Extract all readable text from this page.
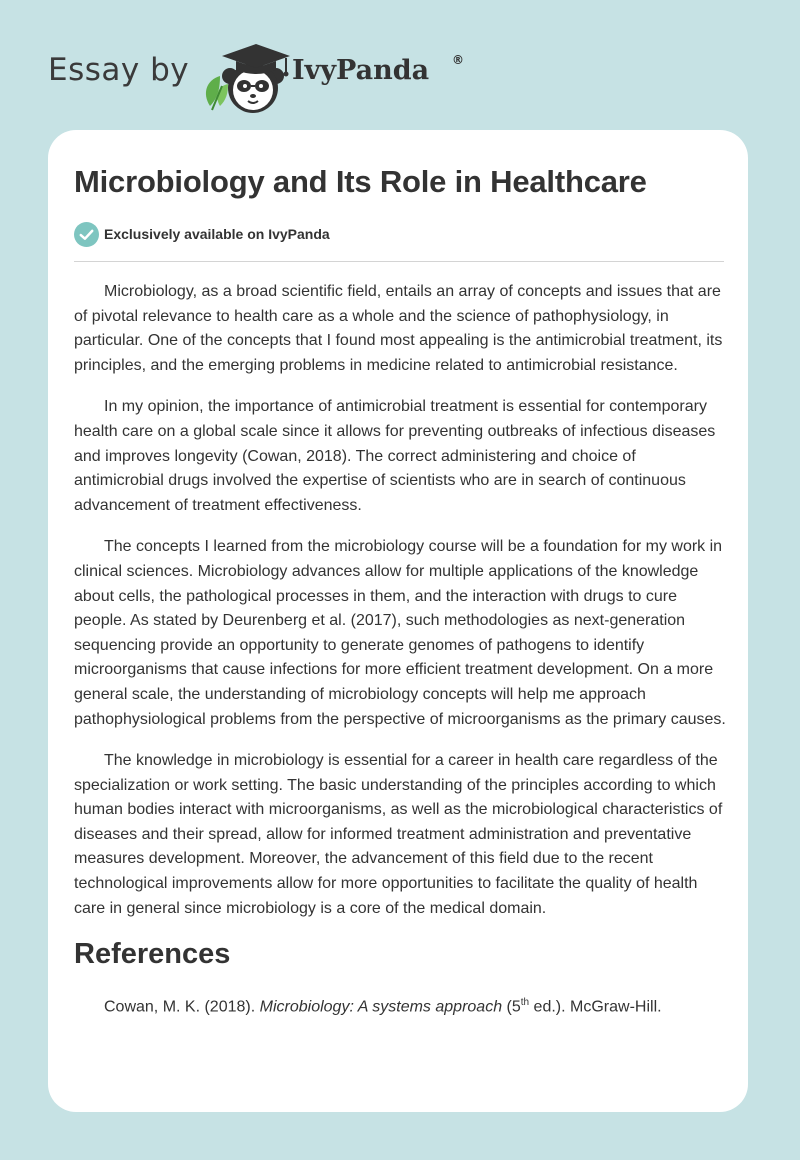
Essay by	IvyPanda ®
Microbiology and Its Role in Healthcare
Exclusively available on IvyPanda

Microbiology, as a broad scientific field, entails an array of concepts and issues that are of pivotal relevance to health care as a whole and the science of pathophysiology, in particular. One of the concepts that I found most appealing is the antimicrobial treatment, its principles, and the emerging problems in medicine related to antimicrobial resistance.

In my opinion, the importance of antimicrobial treatment is essential for contemporary health care on a global scale since it allows for preventing outbreaks of infectious diseases and improves longevity (Cowan, 2018). The correct administering and choice of antimicrobial drugs involved the expertise of scientists who are in search of continuous advancement of treatment effectiveness.

The concepts I learned from the microbiology course will be a foundation for my work in clinical sciences. Microbiology advances allow for multiple applications of the knowledge about cells, the pathological processes in them, and the interaction with drugs to cure people. As stated by Deurenberg et al. (2017), such methodologies as next-generation sequencing provide an opportunity to generate genomes of pathogens to identify microorganisms that cause infections for more efficient treatment development. On a more general scale, the understanding of microbiology concepts will help me approach pathophysiological problems from the perspective of microorganisms as the primary causes.

The knowledge in microbiology is essential for a career in health care regardless of the specialization or work setting. The basic understanding of the principles according to which human bodies interact with microorganisms, as well as the microbiological characteristics of diseases and their spread, allow for informed treatment administration and preventative measures development. Moreover, the advancement of this field due to the recent technological improvements allow for more opportunities to facilitate the quality of health care in general since microbiology is a core of the medical domain.

References

Cowan, M. K. (2018). Microbiology: A systems approach (5th ed.). McGraw-Hill.
